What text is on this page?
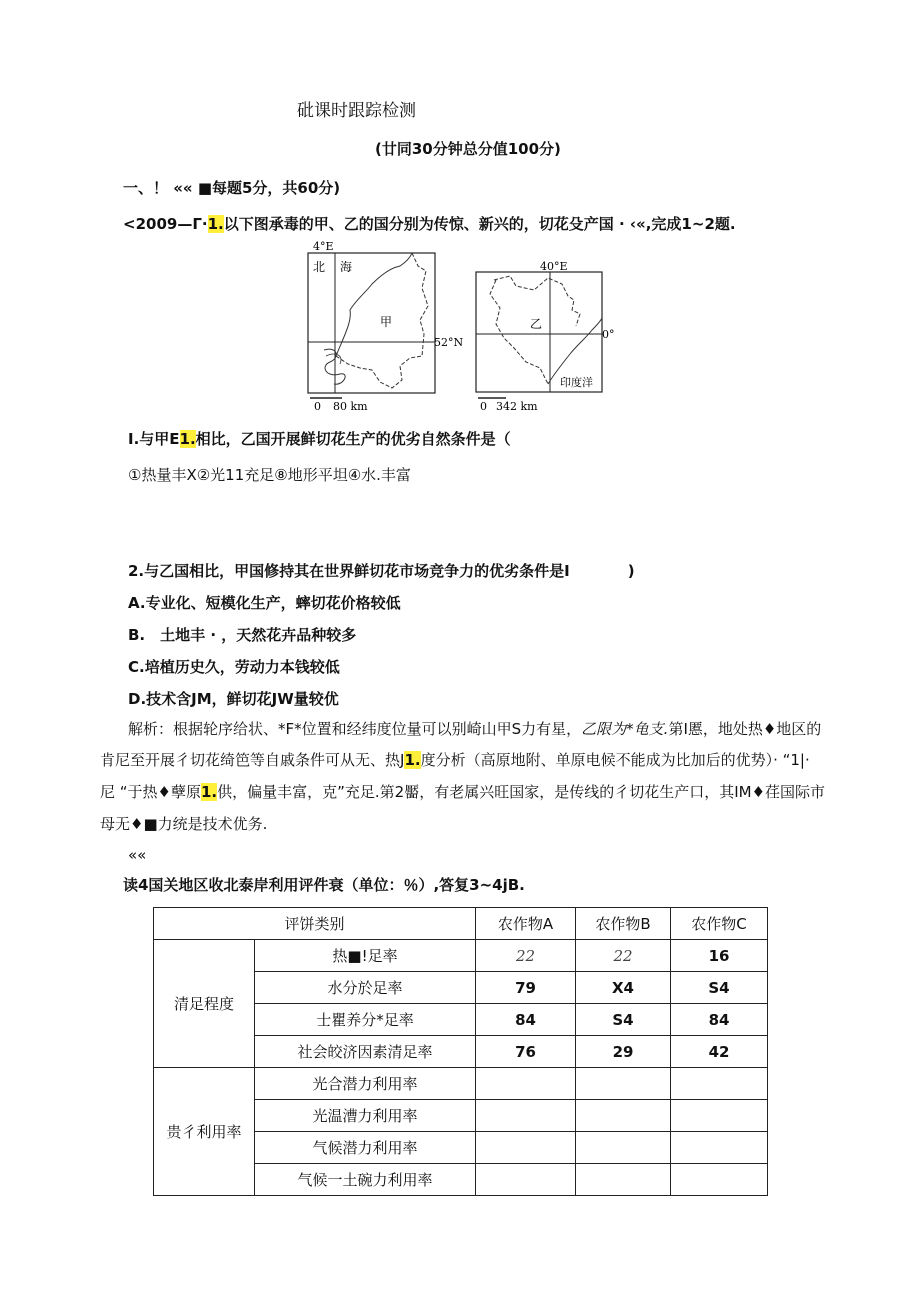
砒课时跟踪检测
(廿同30分钟总分值100分)
一、！ «« ■每题5分，共60分)
<2009—Γ·1.以下图承毒的甲、乙的国分别为传惊、新兴的，切花殳产国 · ‹«,完成1~2题.
4°E
北 海
甲
52°N
0 80 km
40°E
乙
0°
印度洋
0 342 km
I.与甲E1.相比，乙国开展鲜切花生产的优劣自然条件是（
①热量丰X②光11充足⑧地形平坦④水.丰富
2.与乙国相比，甲国修持其在世界鲜切花市场竞争力的优劣条件是I	)
A.专业化、短模化生产，蟀切花价格较低
B.　土地丰 · ，天然花卉品种较多
C.培植历史久，劳动力本钱较低
D.技术含JM，鲜切花JW量较优
解析：根据轮序给状、*F*位置和经纬度位量可以别崎山甲S力有星，乙限为*龟支.第I慝，地处热♦地区的
肯尼至开展彳切花绮笆等自戚条件可从无、热J1.度分析（高原地附、单原电候不能成为比加后的优势）· “1|·
尼 “于热♦孽原1.供，偏量丰富，克”充足.第2靨，有老属兴旺国家，是传线的彳切花生产口，其IM♦荏国际市
母无♦■力统是技术优务.
««
读4国关地区收北泰岸利用评件衰（单位：％）,答复3~4jB.
评饼类别		农作物A	农作物B	农作物C
清足程度	热■!足率	22	22	16
	水分於足率	79	X4	S4
	士瞿养分*足率	84	S4	84
	社会皎济因素清足率	76	29	42
贵彳利用率	光合潜力利用率			
	光温漕力利用率			
	气候潜力利用率			
	气候一土碗力利用率			
